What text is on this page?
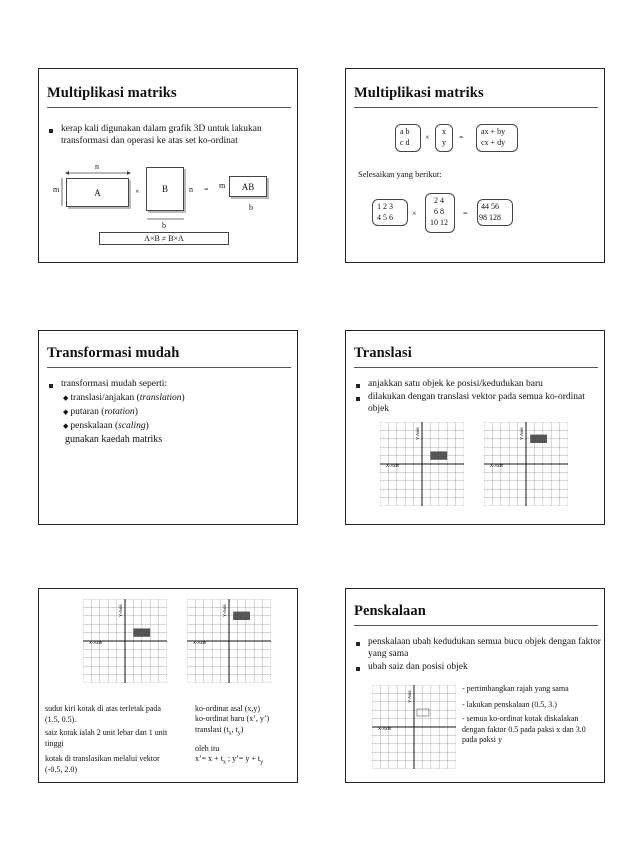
Multiplikasi matriks
kerap kali digunakan dalam grafik 3D untuk lakukan transformasi dan operasi ke atas set ko-ordinat
n
m	A	× B	n = m AB
b
b
A×B ≠ B×A
Multiplikasi matriks
a b
c d
×
x
y
=
ax + by
cx + dy
Selesaikan yang berikut:
1 2 3
4 5 6 ×
2 4
6 8
10 12
=
44 56
98 128
Transformasi mudah
transformasi mudah seperti:
◆ translasi/anjakan (translation)
◆ putaran (rotation)
◆ penskalaan (scaling)
gunakan kaedah matriks
Translasi
anjakkan satu objek ke posisi/kedudukan baru
dilakukan dengan translasi vektor pada semua ko-ordinat objek
X-Axis
Y-Axis
X-Axis
Y-Axis
X-Axis
Y-Axis
X-Axis
Y-Axis
sudut kiri kotak di atas terletak pada (1.5, 0.5).
saiz kotak ialah 2 unit lebar dan 1 unit tinggi
kotak di translasikan melalui vektor (-0.5, 2.0)
ko-ordinat asal (x,y)
ko-ordinat baru (x’, y’)
translasi ($t_x$, $t_y$)
oleh itu
x’= $x + t_x$ ; y’= $y + t_y$
Penskalaan
penskalaan ubah kedudukan semua bucu objek dengan faktor yang sama
ubah saiz dan posisi objek
X-Axis
Y-Axis
- pertimbangkan rajah yang sama
- lakukan penskalaan (0.5, 3.)
- semua ko-ordinat kotak diskalakan dengan faktor 0.5 pada paksi x dan 3.0 pada paksi y
